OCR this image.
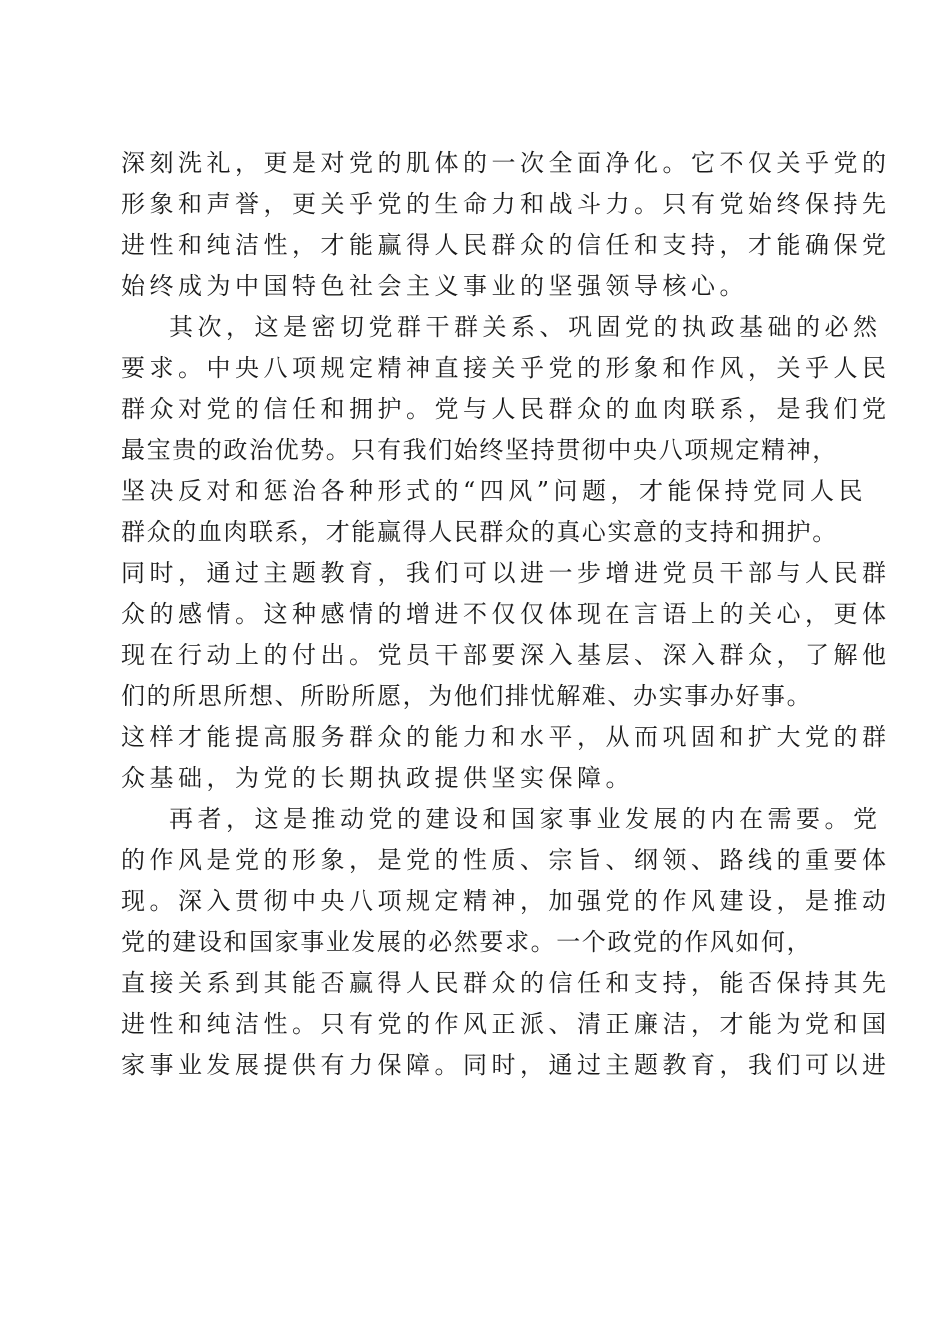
深刻洗礼，更是对党的肌体的一次全面净化。它不仅关乎党的
形象和声誉，更关乎党的生命力和战斗力。只有党始终保持先
进性和纯洁性，才能赢得人民群众的信任和支持，才能确保党
始终成为中国特色社会主义事业的坚强领导核心。
其次，这是密切党群干群关系、巩固党的执政基础的必然
要求。中央八项规定精神直接关乎党的形象和作风，关乎人民
群众对党的信任和拥护。党与人民群众的血肉联系，是我们党
最宝贵的政治优势。只有我们始终坚持贯彻中央八项规定精神，
坚决反对和惩治各种形式的“四风”问题，才能保持党同人民
群众的血肉联系，才能赢得人民群众的真心实意的支持和拥护。
同时，通过主题教育，我们可以进一步增进党员干部与人民群
众的感情。这种感情的增进不仅仅体现在言语上的关心，更体
现在行动上的付出。党员干部要深入基层、深入群众，了解他
们的所思所想、所盼所愿，为他们排忧解难、办实事办好事。
这样才能提高服务群众的能力和水平，从而巩固和扩大党的群
众基础，为党的长期执政提供坚实保障。
再者，这是推动党的建设和国家事业发展的内在需要。党
的作风是党的形象，是党的性质、宗旨、纲领、路线的重要体
现。深入贯彻中央八项规定精神，加强党的作风建设，是推动
党的建设和国家事业发展的必然要求。一个政党的作风如何，
直接关系到其能否赢得人民群众的信任和支持，能否保持其先
进性和纯洁性。只有党的作风正派、清正廉洁，才能为党和国
家事业发展提供有力保障。同时，通过主题教育，我们可以进
